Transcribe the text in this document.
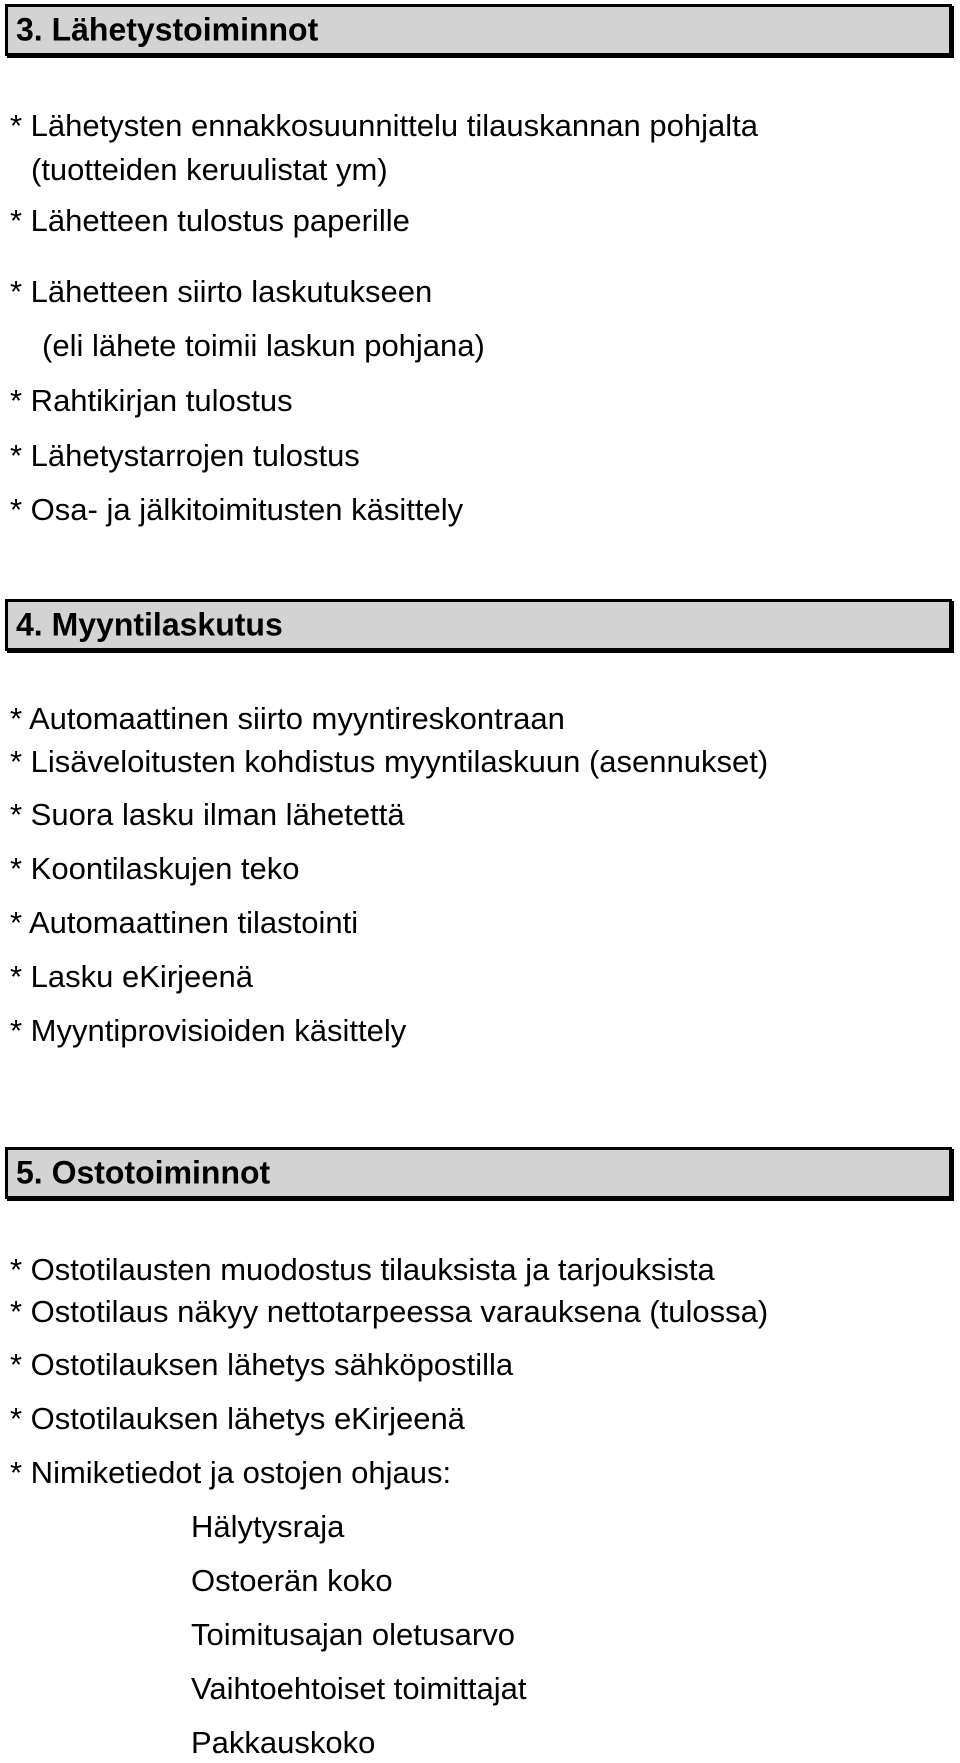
3. Lähetystoiminnot
* Lähetysten ennakkosuunnittelu tilauskannan pohjalta
(tuotteiden keruulistat ym)
* Lähetteen tulostus paperille
* Lähetteen siirto laskutukseen
(eli lähete toimii laskun pohjana)
* Rahtikirjan tulostus
* Lähetystarrojen tulostus
* Osa- ja jälkitoimitusten käsittely
4. Myyntilaskutus
* Automaattinen siirto myyntireskontraan
* Lisäveloitusten kohdistus myyntilaskuun (asennukset)
* Suora lasku ilman lähetettä
* Koontilaskujen teko
* Automaattinen tilastointi
* Lasku eKirjeenä
* Myyntiprovisioiden käsittely
5. Ostotoiminnot
* Ostotilausten muodostus tilauksista ja tarjouksista
* Ostotilaus näkyy nettotarpeessa varauksena (tulossa)
* Ostotilauksen lähetys sähköpostilla
* Ostotilauksen lähetys eKirjeenä
* Nimiketiedot ja ostojen ohjaus:
Hälytysraja
Ostoerän koko
Toimitusajan oletusarvo
Vaihtoehtoiset toimittajat
Pakkauskoko
